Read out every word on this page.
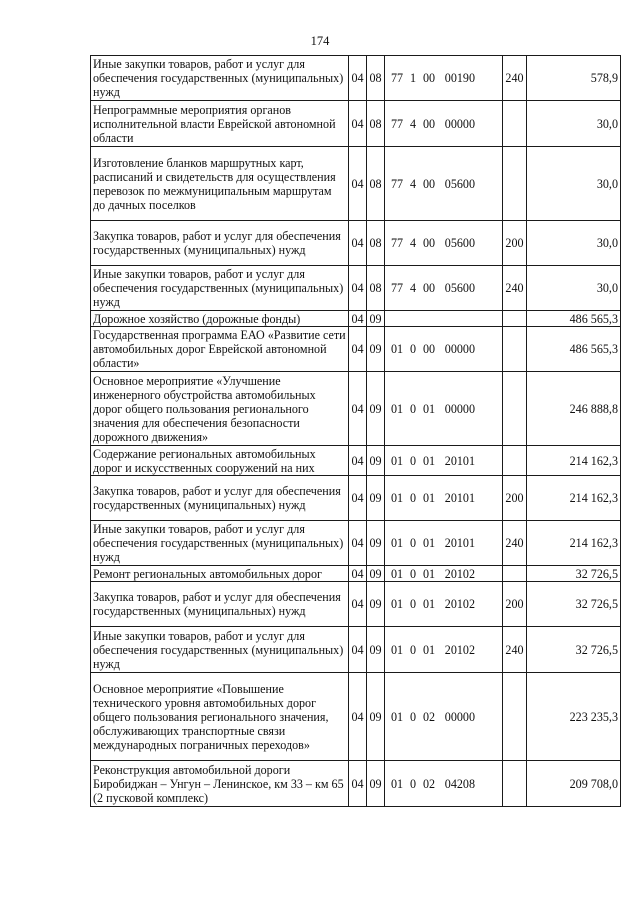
174
Иные закупки товаров, работ и услуг для обеспечения государственных (муниципальных) нужд	04	08	77 1 00 00190	240	578,9
Непрограммные мероприятия органов исполнительной власти Еврейской автономной области	04	08	77 4 00 00000		30,0
Изготовление бланков маршрутных карт, расписаний и свидетельств для осуществления перевозок по межмуниципальным маршрутам до дачных поселков	04	08	77 4 00 05600		30,0
Закупка товаров, работ и услуг для обеспечения государственных (муниципальных) нужд	04	08	77 4 00 05600	200	30,0
Иные закупки товаров, работ и услуг для обеспечения государственных (муниципальных) нужд	04	08	77 4 00 05600	240	30,0
Дорожное хозяйство (дорожные фонды)	04	09			486 565,3
Государственная программа ЕАО «Развитие сети автомобильных дорог Еврейской автономной области»	04	09	01 0 00 00000		486 565,3
Основное мероприятие «Улучшение инженерного обустройства автомобильных дорог общего пользования регионального значения для обеспечения безопасности дорожного движения»	04	09	01 0 01 00000		246 888,8
Содержание региональных автомобильных дорог и искусственных сооружений на них	04	09	01 0 01 20101		214 162,3
Закупка товаров, работ и услуг для обеспечения государственных (муниципальных) нужд	04	09	01 0 01 20101	200	214 162,3
Иные закупки товаров, работ и услуг для обеспечения государственных (муниципальных) нужд	04	09	01 0 01 20101	240	214 162,3
Ремонт региональных автомобильных дорог	04	09	01 0 01 20102		32 726,5
Закупка товаров, работ и услуг для обеспечения государственных (муниципальных) нужд	04	09	01 0 01 20102	200	32 726,5
Иные закупки товаров, работ и услуг для обеспечения государственных (муниципальных) нужд	04	09	01 0 01 20102	240	32 726,5
Основное мероприятие «Повышение технического уровня автомобильных дорог общего пользования регионального значения, обслуживающих транспортные связи международных пограничных переходов»	04	09	01 0 02 00000		223 235,3
Реконструкция автомобильной дороги Биробиджан – Унгун – Ленинское, км 33 – км 65 (2 пусковой комплекс)	04	09	01 0 02 04208		209 708,0
